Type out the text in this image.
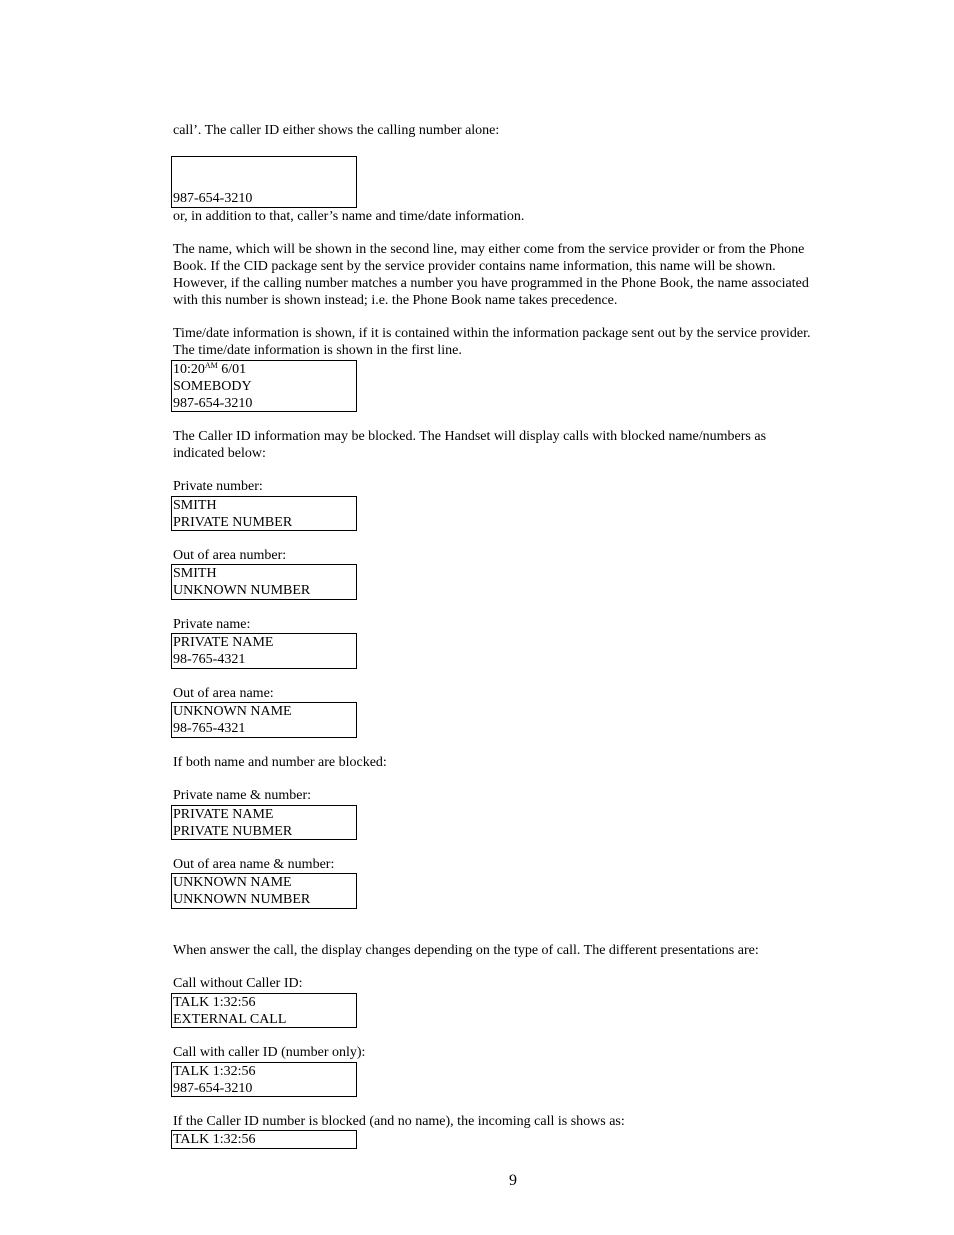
call’. The caller ID either shows the calling number alone:

987-654-3210

or, in addition to that, caller’s name and time/date information.

The name, which will be shown in the second line, may either come from the service provider or from the Phone Book. If the CID package sent by the service provider contains name information, this name will be shown. However, if the calling number matches a number you have programmed in the Phone Book, the name associated with this number is shown instead; i.e. the Phone Book name takes precedence.

Time/date information is shown, if it is contained within the information package sent out by the service provider. The time/date information is shown in the first line.

$10:20^{AM}$ 6/01
SOMEBODY
987-654-3210

The Caller ID information may be blocked. The Handset will display calls with blocked name/numbers as indicated below:

Private number:

SMITH
PRIVATE NUMBER

Out of area number:

SMITH
UNKNOWN NUMBER

Private name:

PRIVATE NAME
98-765-4321

Out of area name:

UNKNOWN NAME
98-765-4321

If both name and number are blocked:

Private name & number:

PRIVATE NAME
PRIVATE NUBMER

Out of area name & number:

UNKNOWN NAME
UNKNOWN NUMBER

When answer the call, the display changes depending on the type of call. The different presentations are:

Call without Caller ID:

TALK 1:32:56
EXTERNAL CALL

Call with caller ID (number only):

TALK 1:32:56
987-654-3210

If the Caller ID number is blocked (and no name), the incoming call is shows as:

TALK 1:32:56
9
